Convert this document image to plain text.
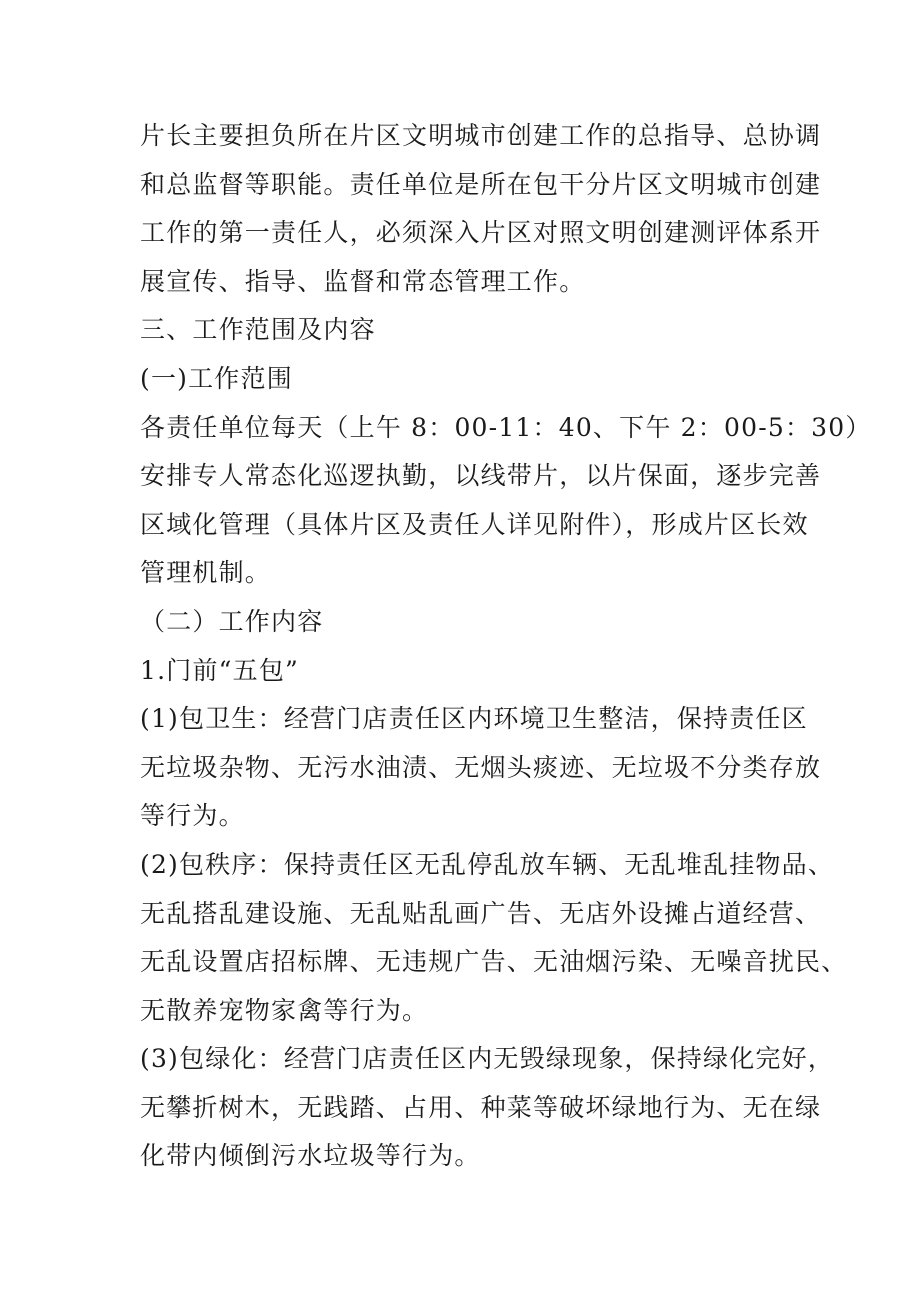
片长主要担负所在片区文明城市创建工作的总指导、总协调
和总监督等职能。责任单位是所在包干分片区文明城市创建
工作的第一责任人，必须深入片区对照文明创建测评体系开
展宣传、指导、监督和常态管理工作。
三、工作范围及内容
(一)工作范围
各责任单位每天（上午 8：00-11：40、下午 2：00-5：30）
安排专人常态化巡逻执勤，以线带片，以片保面，逐步完善
区域化管理（具体片区及责任人详见附件），形成片区长效
管理机制。
（二）工作内容
1.门前“五包”
(1)包卫生：经营门店责任区内环境卫生整洁，保持责任区
无垃圾杂物、无污水油渍、无烟头痰迹、无垃圾不分类存放
等行为。
(2)包秩序：保持责任区无乱停乱放车辆、无乱堆乱挂物品、
无乱搭乱建设施、无乱贴乱画广告、无店外设摊占道经营、
无乱设置店招标牌、无违规广告、无油烟污染、无噪音扰民、
无散养宠物家禽等行为。
(3)包绿化：经营门店责任区内无毁绿现象，保持绿化完好，
无攀折树木，无践踏、占用、种菜等破坏绿地行为、无在绿
化带内倾倒污水垃圾等行为。
